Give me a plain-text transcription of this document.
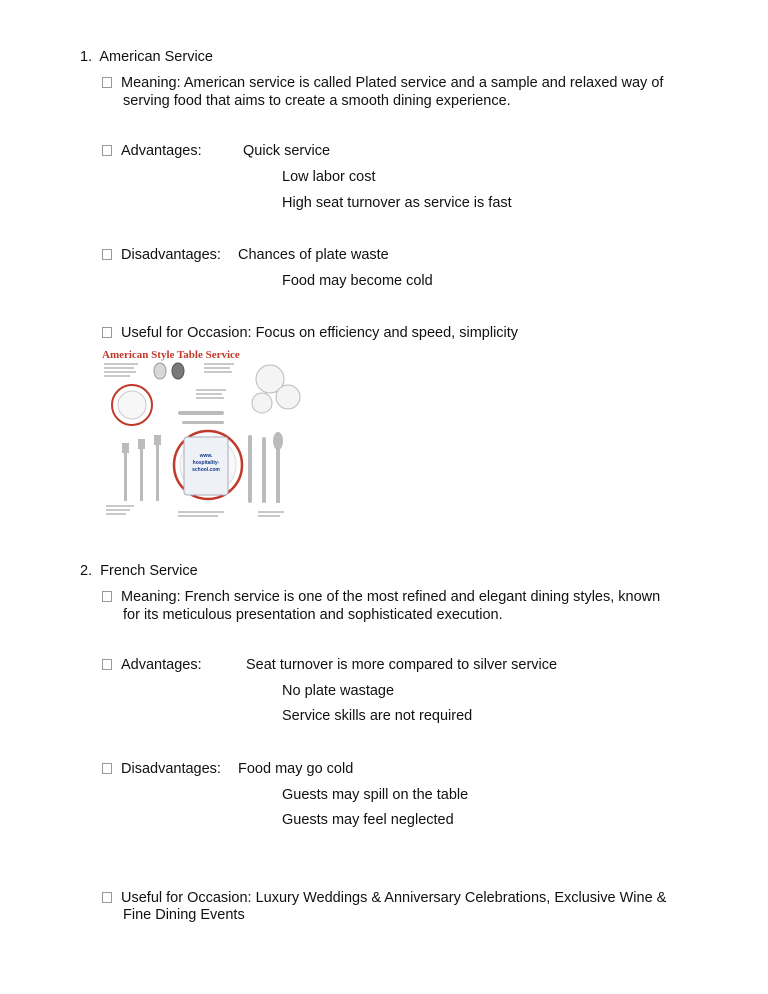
1. American Service
Meaning: American service is called Plated service and a sample and relaxed way of
serving food that aims to create a smooth dining experience.
Advantages:	Quick service
Low labor cost
High seat turnover as service is fast
Disadvantages: Chances of plate waste
Food may become cold
Useful for Occasion: Focus on efficiency and speed, simplicity
American Style Table Service
www.
hospitality-
school.com
2. French Service
Meaning: French service is one of the most refined and elegant dining styles, known
for its meticulous presentation and sophisticated execution.
Advantages:	Seat turnover is more compared to silver service
No plate wastage
Service skills are not required
Disadvantages: Food may go cold
Guests may spill on the table
Guests may feel neglected
Useful for Occasion: Luxury Weddings & Anniversary Celebrations, Exclusive Wine &
Fine Dining Events
